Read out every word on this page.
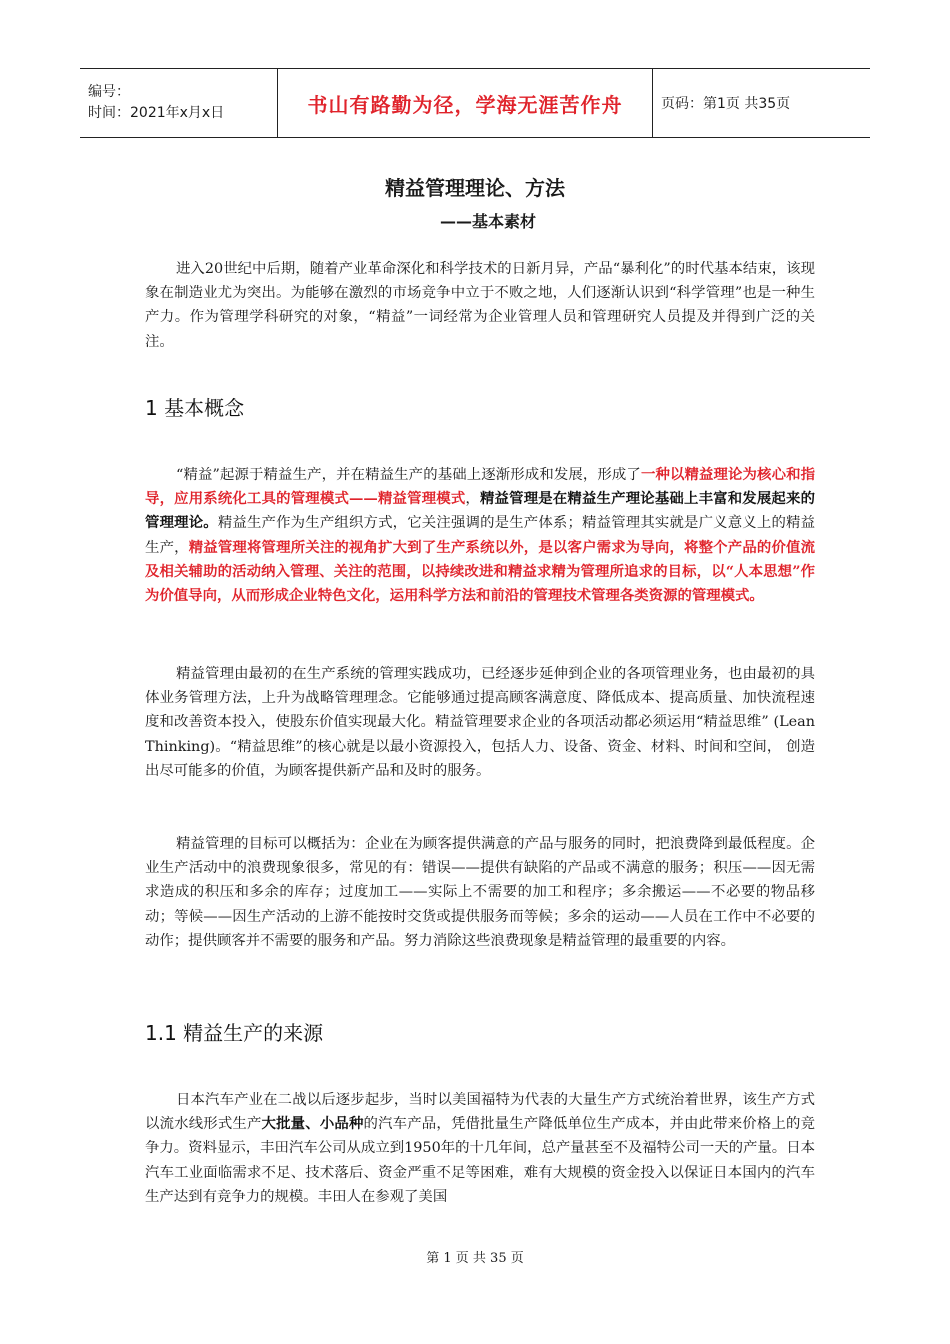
编号：
时间：2021年x月x日	书山有路勤为径，学海无涯苦作舟	页码：第1页 共35页
精益管理理论、方法
——基本素材

进入20世纪中后期，随着产业革命深化和科学技术的日新月异，产品“暴利化”的时代基本结束，该现象在制造业尤为突出。为能够在激烈的市场竞争中立于不败之地，人们逐渐认识到“科学管理”也是一种生产力。作为管理学科研究的对象，“精益”一词经常为企业管理人员和管理研究人员提及并得到广泛的关注。

1 基本概念

“精益”起源于精益生产，并在精益生产的基础上逐渐形成和发展，形成了一种以精益理论为核心和指导，应用系统化工具的管理模式——精益管理模式，精益管理是在精益生产理论基础上丰富和发展起来的管理理论。精益生产作为生产组织方式，它关注强调的是生产体系；精益管理其实就是广义意义上的精益生产，精益管理将管理所关注的视角扩大到了生产系统以外，是以客户需求为导向，将整个产品的价值流及相关辅助的活动纳入管理、关注的范围，以持续改进和精益求精为管理所追求的目标，以“人本思想”作为价值导向，从而形成企业特色文化，运用科学方法和前沿的管理技术管理各类资源的管理模式。

精益管理由最初的在生产系统的管理实践成功，已经逐步延伸到企业的各项管理业务，也由最初的具体业务管理方法，上升为战略管理理念。它能够通过提高顾客满意度、降低成本、提高质量、加快流程速度和改善资本投入，使股东价值实现最大化。精益管理要求企业的各项活动都必须运用“精益思维” (Lean Thinking)。“精益思维”的核心就是以最小资源投入，包括人力、设备、资金、材料、时间和空间， 创造出尽可能多的价值，为顾客提供新产品和及时的服务。

精益管理的目标可以概括为：企业在为顾客提供满意的产品与服务的同时，把浪费降到最低程度。企业生产活动中的浪费现象很多，常见的有：错误——提供有缺陷的产品或不满意的服务；积压——因无需求造成的积压和多余的库存；过度加工——实际上不需要的加工和程序；多余搬运——不必要的物品移动；等候——因生产活动的上游不能按时交货或提供服务而等候；多余的运动——人员在工作中不必要的动作；提供顾客并不需要的服务和产品。努力消除这些浪费现象是精益管理的最重要的内容。

1.1 精益生产的来源

日本汽车产业在二战以后逐步起步，当时以美国福特为代表的大量生产方式统治着世界，该生产方式以流水线形式生产大批量、小品种的汽车产品，凭借批量生产降低单位生产成本，并由此带来价格上的竞争力。资料显示，丰田汽车公司从成立到1950年的十几年间，总产量甚至不及福特公司一天的产量。日本汽车工业面临需求不足、技术落后、资金严重不足等困难，难有大规模的资金投入以保证日本国内的汽车生产达到有竞争力的规模。丰田人在参观了美国

第 1 页 共 35 页
